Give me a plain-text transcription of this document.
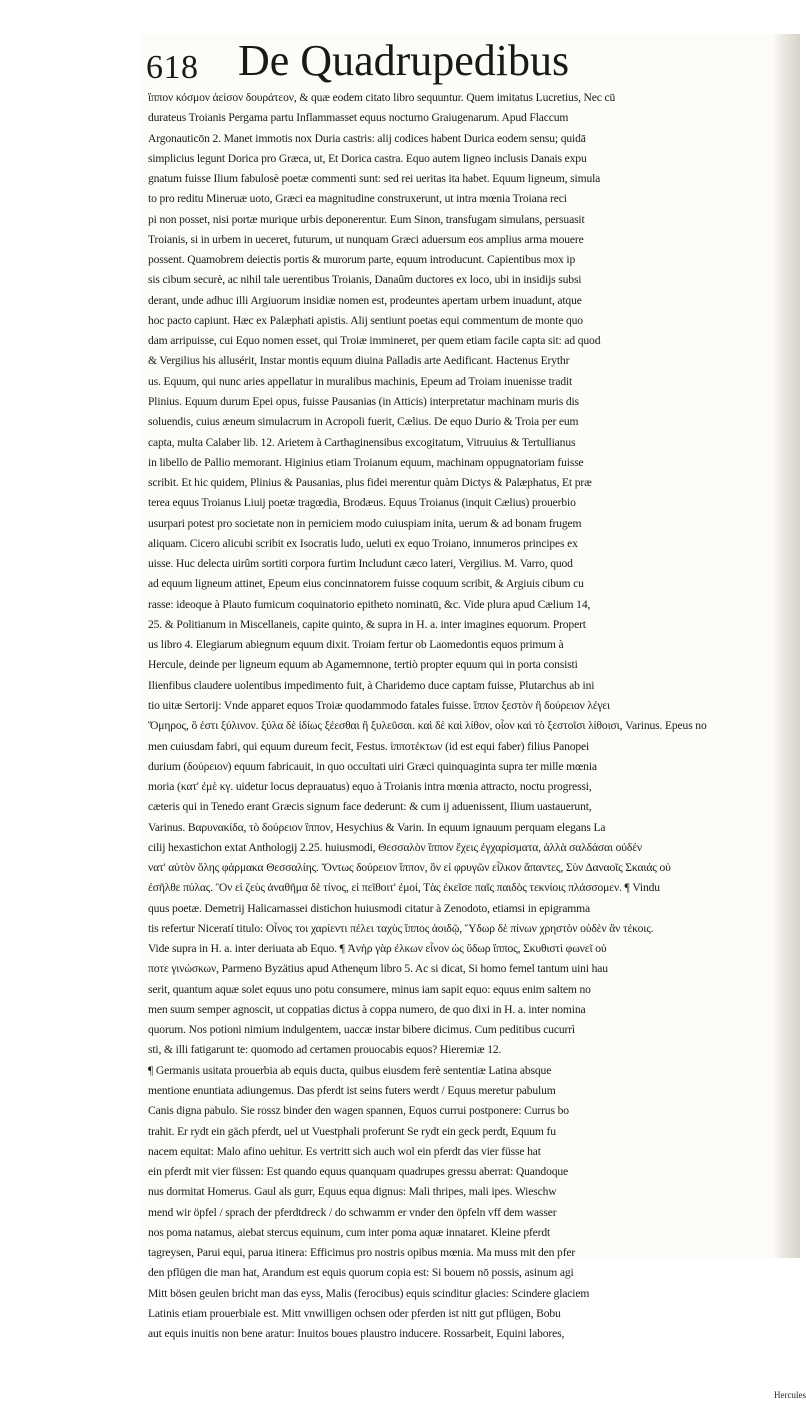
618 De Quadrupedibus
ἵππον κόσμον ἀείσον δουράτεον, & quæ eodem citato libro sequuntur. Quem imitatus Lucretius, Nec cū
durateus Troianis Pergama partu Inflammasset equus nocturno Graiugenarum. Apud Flaccum
Argonauticōn 2. Manet immotis nox Duria castris: alij codices habent Durica eodem sensu; quidā
simplicius legunt Dorica pro Græca, ut, Et Dorica castra. Equo autem ligneo inclusis Danais expu
gnatum fuisse Ilium fabulosè poetæ commenti sunt: sed rei ueritas ita habet. Equum ligneum, simula
to pro reditu Mineruæ uoto, Græci ea magnitudine construxerunt, ut intra mœnia Troiana reci
pi non posset, nisi portæ murique urbis deponerentur. Eum Sinon, transfugam simulans, persuasit
Troianis, si in urbem in ueceret, futurum, ut nunquam Græci aduersum eos amplius arma mouere
possent. Quamobrem deiectis portis & murorum parte, equum introducunt. Capientibus mox ip
sis cibum securè, ac nihil tale uerentibus Troianis, Danaûm ductores ex loco, ubi in insidijs subsi
derant, unde adhuc illi Argiuorum insidiæ nomen est, prodeuntes apertam urbem inuadunt, atque
hoc pacto capiunt. Hæc ex Palæphati apistis. Alij sentiunt poetas equi commentum de monte quo
dam arripuisse, cui Equo nomen esset, qui Troiæ immineret, per quem etiam facile capta sit: ad quod
& Vergilius his allusérit, Instar montis equum diuina Palladis arte Aedificant. Hactenus Erythr
us. Equum, qui nunc aries appellatur in muralibus machinis, Epeum ad Troiam inuenisse tradit
Plinius. Equum durum Epei opus, fuisse Pausanias (in Atticis) interpretatur machinam muris dis
soluendis, cuius æneum simulacrum in Acropoli fuerit, Cælius. De equo Durio & Troia per eum
capta, multa Calaber lib. 12. Arietem à Carthaginensibus excogitatum, Vitruuius & Tertullianus
in libello de Pallio memorant. Higinius etiam Troianum equum, machinam oppugnatoriam fuisse
scribit. Et hic quidem, Plinius & Pausanias, plus fidei merentur quàm Dictys & Palæphatus, Et præ
terea equus Troianus Liuij poetæ tragœdia, Brodæus. Equus Troianus (inquit Cælius) prouerbio
usurpari potest pro societate non in perniciem modo cuiuspiam inita, uerum & ad bonam frugem
aliquam. Cicero alicubi scribit ex Isocratis ludo, ueluti ex equo Troiano, innumeros principes ex
uisse. Huc delecta uirûm sortiti corpora furtim Includunt cæco lateri, Vergilius. M. Varro, quod
ad equum ligneum attinet, Epeum eius concinnatorem fuisse coquum scribit, & Argiuis cibum cu
rasse: ideoque à Plauto fumicum coquinatorio epitheto nominatū, &c. Vide plura apud Cælium 14,
25. & Politianum in Miscellaneis, capite quinto, & supra in H. a. inter imagines equorum. Propert
us libro 4. Elegiarum abiegnum equum dixit. Troiam fertur ob Laomedontis equos primum à
Hercule, deinde per ligneum equum ab Agamemnone, tertiò propter equum qui in porta consisti
Ilienfibus claudere uolentibus impedimento fuit, à Charidemo duce captam fuisse, Plutarchus ab ini
tio uitæ Sertorij: Vnde apparet equos Troiæ quodammodo fatales fuisse. ἵππον ξεστὸν ἢ δούρειον λέγει
Ὅμηρος, ὃ ἐστι ξύλινον. ξύλα δὲ ἰδίως ξέεσθαι ἢ ξυλεῦσαι. καὶ δὲ καὶ λίθον, οἷον καὶ τὸ ξεστοῖσι λίθοισι, Varinus. Epeus no
men cuiusdam fabri, qui equum dureum fecit, Festus. ἱπποτέκτων (id est equi faber) filius Panopei
durium (δούρειον) equum fabricauit, in quo occultati uiri Græci quinquaginta supra ter mille mœnia
moria (κατ' ἐμὲ κγ. uidetur locus deprauatus) equo à Troianis intra mœnia attracto, noctu progressi,
cæteris qui in Tenedo erant Græcis signum face dederunt: & cum ij aduenissent, Ilium uastauerunt,
Varinus. Βαρυνακίδα, τὸ δούρειον ἵππον, Hesychius & Varin. In equum ignauum perquam elegans La
cilij hexastichon extat Anthologij 2.25. huiusmodi, Θεσσαλὸν ἵππον ἔχεις ἐγχαρίσματα, ἀλλὰ σαλδάσαι οὐδέν
νατ' αὐτὸν ὅλης φάρμακα Θεσσαλίης. Ὄντως δούρειον ἵππον, ὃν εἰ φρυγῶν εἷλκον ἅπαντες, Σὺν Δαναοῖς Σκαιάς οὐ
ἐσῆλθε πύλας. Ὃν εἰ ζεὺς ἀναθῆμα δὲ τίνος, εἰ πεῖθοιτ' ἐμοί, Τὰς ἐκεῖσε παῖς παιδὸς τεκνίοις πλάσσομεν. ¶ Vindu
quus poetæ. Demetrij Halicarnassei distichon huiusmodi citatur à Zenodoto, etiamsi in epigramma
tis refertur Niceratí titulo: Οἶνος τοι χαρίεντι πέλει ταχὺς ἵππος ἀοιδῷ, Ὕδωρ δὲ πίνων χρηστὸν οὐδὲν ἂν τέκοις.
Vide supra in H. a. inter deriuata ab Equo. ¶ Ἀνὴρ γὰρ ἐλκων εἶνον ὡς ὕδωρ ἵππος, Σκυθιστὶ φωνεῖ οὐ
ποτε γινώσκων, Parmeno Byzätius apud Athenęum libro 5. Ac si dicat, Si homo femel tantum uini hau
serit, quantum aquæ solet equus uno potu consumere, minus iam sapit equo: equus enim saltem no
men suum semper agnoscit, ut coppatias dictus à coppa numero, de quo dixi in H. a. inter nomina
quorum. Nos potioni nimium indulgentem, uaccæ instar bibere dicimus. Cum peditibus cucurrì
sti, & illi fatigarunt te: quomodo ad certamen prouocabis equos? Hieremiæ 12.
¶ Germanis usitata prouerbia ab equis ducta, quibus eiusdem ferè sententiæ Latina absque
mentione enuntiata adiungemus. Das pferdt ist seins futers werdt / Equus meretur pabulum
Canis digna pabulo. Sie rossz binder den wagen spannen, Equos currui postponere: Currus bo
trahit. Er rydt ein gäch pferdt, uel ut Vuestphali proferunt Se rydt ein geck perdt, Equum fu
nacem equitat: Malo afino uehitur. Es vertritt sich auch wol ein pferdt das vier füsse hat
ein pferdt mit vier füssen: Est quando equus quanquam quadrupes gressu aberrat: Quandoque
nus dormitat Homerus. Gaul als gurr, Equus equa dignus: Mali thripes, mali ipes. Wieschw
mend wir öpfel / sprach der pferdtdreck / do schwamm er vnder den öpfeln vff dem wasser
nos poma natamus, aiebat stercus equinum, cum inter poma aquæ innataret. Kleine pferdt
tagreysen, Parui equi, parua itinera: Efficimus pro nostris opibus mœnia. Ma muss mit den pfer
den pflügen die man hat, Arandum est equis quorum copia est: Si bouem nō possis, asinum agi
Mitt bösen geulen bricht man das eyss, Malis (ferocibus) equis scinditur glacies: Scindere glaciem
Latinis etiam prouerbiale est. Mitt vnwilligen ochsen oder pferden ist nitt gut pflügen, Bobu
aut equis inuitis non bene aratur: Inuitos boues plaustro inducere. Rossarbeit, Equini labores,
Hercules
